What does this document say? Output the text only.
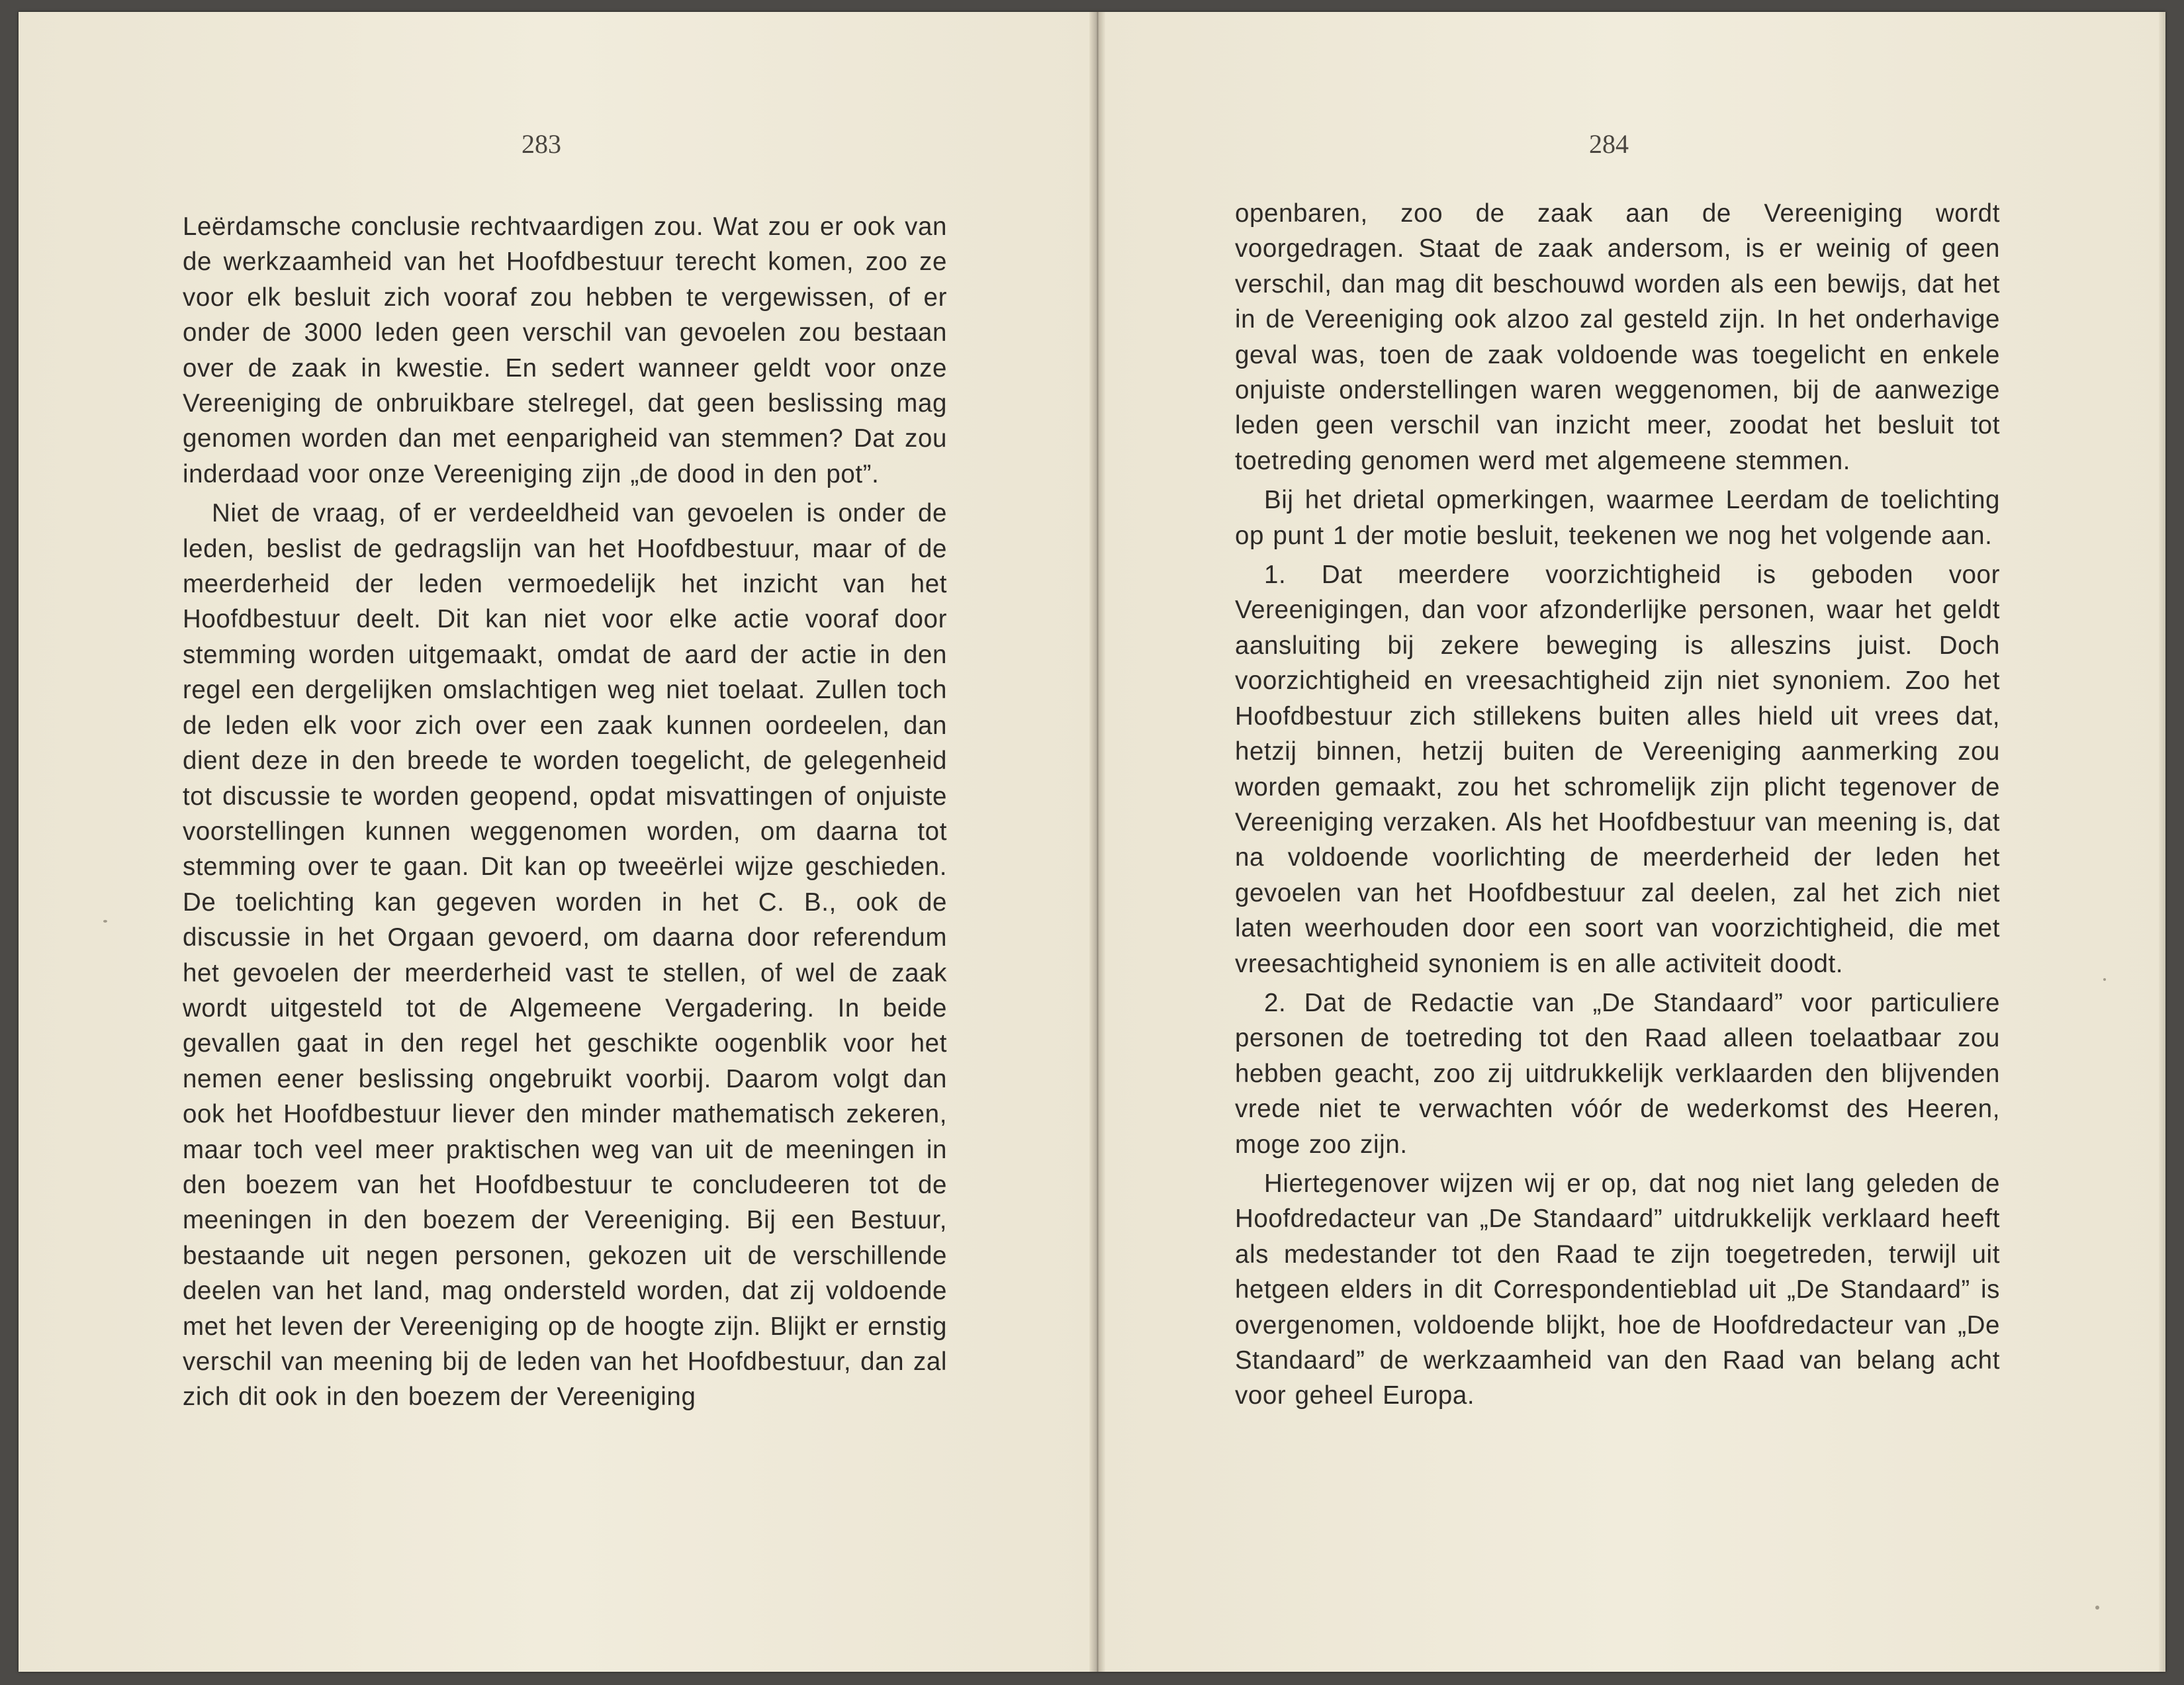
283

Leërdamsche conclusie rechtvaardigen zou. Wat zou er ook van de werkzaamheid van het Hoofdbestuur terecht komen, zoo ze voor elk besluit zich vooraf zou hebben te vergewissen, of er onder de 3000 leden geen verschil van gevoelen zou bestaan over de zaak in kwestie. En sedert wanneer geldt voor onze Vereeniging de onbruikbare stelregel, dat geen beslissing mag genomen worden dan met eenparigheid van stemmen? Dat zou inderdaad voor onze Vereeniging zijn „de dood in den pot”.

Niet de vraag, of er verdeeldheid van gevoelen is onder de leden, beslist de gedragslijn van het Hoofdbestuur, maar of de meerderheid der leden vermoedelijk het inzicht van het Hoofdbestuur deelt. Dit kan niet voor elke actie vooraf door stemming worden uitgemaakt, omdat de aard der actie in den regel een dergelijken omslachtigen weg niet toelaat. Zullen toch de leden elk voor zich over een zaak kunnen oordeelen, dan dient deze in den breede te worden toegelicht, de gelegenheid tot discussie te worden geopend, opdat misvattingen of onjuiste voorstellingen kunnen weggenomen worden, om daarna tot stemming over te gaan. Dit kan op tweeërlei wijze geschieden. De toelichting kan gegeven worden in het C. B., ook de discussie in het Orgaan gevoerd, om daarna door referendum het gevoelen der meerderheid vast te stellen, of wel de zaak wordt uitgesteld tot de Algemeene Vergadering. In beide gevallen gaat in den regel het geschikte oogenblik voor het nemen eener beslissing ongebruikt voorbij. Daarom volgt dan ook het Hoofdbestuur liever den minder mathematisch zekeren, maar toch veel meer praktischen weg van uit de meeningen in den boezem van het Hoofdbestuur te concludeeren tot de meeningen in den boezem der Vereeniging. Bij een Bestuur, bestaande uit negen personen, gekozen uit de verschillende deelen van het land, mag ondersteld worden, dat zij voldoende met het leven der Vereeniging op de hoogte zijn. Blijkt er ernstig verschil van meening bij de leden van het Hoofdbestuur, dan zal zich dit ook in den boezem der Vereeniging

284

openbaren, zoo de zaak aan de Vereeniging wordt voorgedragen. Staat de zaak andersom, is er weinig of geen verschil, dan mag dit beschouwd worden als een bewijs, dat het in de Vereeniging ook alzoo zal gesteld zijn. In het onderhavige geval was, toen de zaak voldoende was toegelicht en enkele onjuiste onderstellingen waren weggenomen, bij de aanwezige leden geen verschil van inzicht meer, zoodat het besluit tot toetreding genomen werd met algemeene stemmen.

Bij het drietal opmerkingen, waarmee Leerdam de toelichting op punt 1 der motie besluit, teekenen we nog het volgende aan.

1. Dat meerdere voorzichtigheid is geboden voor Vereenigingen, dan voor afzonderlijke personen, waar het geldt aansluiting bij zekere beweging is alleszins juist. Doch voorzichtigheid en vreesachtigheid zijn niet synoniem. Zoo het Hoofdbestuur zich stillekens buiten alles hield uit vrees dat, hetzij binnen, hetzij buiten de Vereeniging aanmerking zou worden gemaakt, zou het schromelijk zijn plicht tegenover de Vereeniging verzaken. Als het Hoofdbestuur van meening is, dat na voldoende voorlichting de meerderheid der leden het gevoelen van het Hoofdbestuur zal deelen, zal het zich niet laten weerhouden door een soort van voorzichtigheid, die met vreesachtigheid synoniem is en alle activiteit doodt.

2. Dat de Redactie van „De Standaard” voor particuliere personen de toetreding tot den Raad alleen toelaatbaar zou hebben geacht, zoo zij uitdrukkelijk verklaarden den blijvenden vrede niet te verwachten vóór de wederkomst des Heeren, moge zoo zijn.

Hiertegenover wijzen wij er op, dat nog niet lang geleden de Hoofdredacteur van „De Standaard” uitdrukkelijk verklaard heeft als medestander tot den Raad te zijn toegetreden, terwijl uit hetgeen elders in dit Correspondentieblad uit „De Standaard” is overgenomen, voldoende blijkt, hoe de Hoofdredacteur van „De Standaard” de werkzaamheid van den Raad van belang acht voor geheel Europa.
